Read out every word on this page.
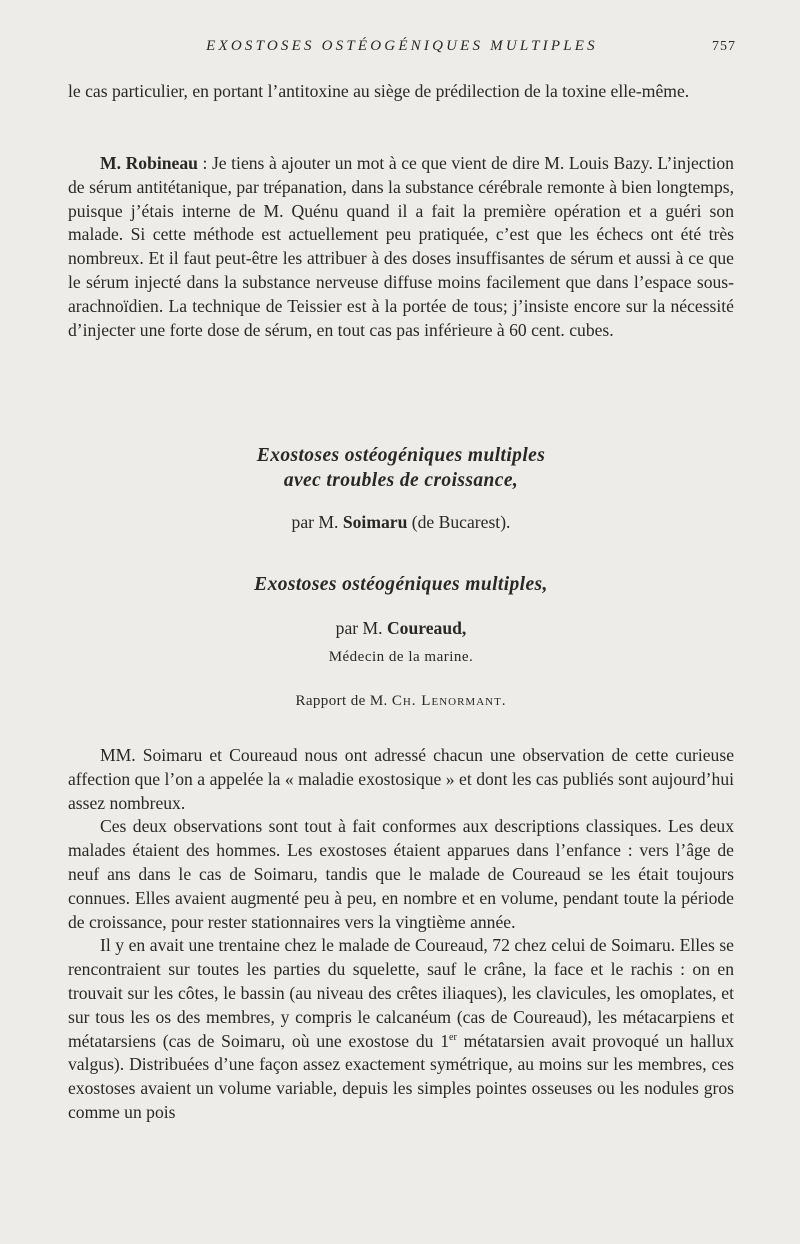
EXOSTOSES OSTÉOGÉNIQUES MULTIPLES	757

le cas particulier, en portant l’antitoxine au siège de prédilection de la toxine elle-même.

M. Robineau : Je tiens à ajouter un mot à ce que vient de dire M. Louis Bazy. L’injection de sérum antitétanique, par trépanation, dans la substance cérébrale remonte à bien longtemps, puisque j’étais interne de M. Quénu quand il a fait la première opération et a guéri son malade. Si cette méthode est actuellement peu pratiquée, c’est que les échecs ont été très nombreux. Et il faut peut-être les attribuer à des doses insuffisantes de sérum et aussi à ce que le sérum injecté dans la substance nerveuse diffuse moins facilement que dans l’espace sous-arachnoïdien. La technique de Teissier est à la portée de tous; j’insiste encore sur la nécessité d’injecter une forte dose de sérum, en tout cas pas inférieure à 60 cent. cubes.

Exostoses ostéogéniques multiples
avec troubles de croissance,
par M. Soimaru (de Bucarest).
Exostoses ostéogéniques multiples,
par M. Coureaud,
Médecin de la marine.
Rapport de M. Ch. Lenormant.

MM. Soimaru et Coureaud nous ont adressé chacun une observation de cette curieuse affection que l’on a appelée la « maladie exostosique » et dont les cas publiés sont aujourd’hui assez nombreux.

Ces deux observations sont tout à fait conformes aux descriptions classiques. Les deux malades étaient des hommes. Les exostoses étaient apparues dans l’enfance : vers l’âge de neuf ans dans le cas de Soimaru, tandis que le malade de Coureaud se les était toujours connues. Elles avaient augmenté peu à peu, en nombre et en volume, pendant toute la période de croissance, pour rester stationnaires vers la vingtième année.

Il y en avait une trentaine chez le malade de Coureaud, 72 chez celui de Soimaru. Elles se rencontraient sur toutes les parties du squelette, sauf le crâne, la face et le rachis : on en trouvait sur les côtes, le bassin (au niveau des crêtes iliaques), les clavicules, les omoplates, et sur tous les os des membres, y compris le calcanéum (cas de Coureaud), les métacarpiens et métatarsiens (cas de Soimaru, où une exostose du 1er métatarsien avait provoqué un hallux valgus). Distribuées d’une façon assez exactement symétrique, au moins sur les membres, ces exostoses avaient un volume variable, depuis les simples pointes osseuses ou les nodules gros comme un pois
